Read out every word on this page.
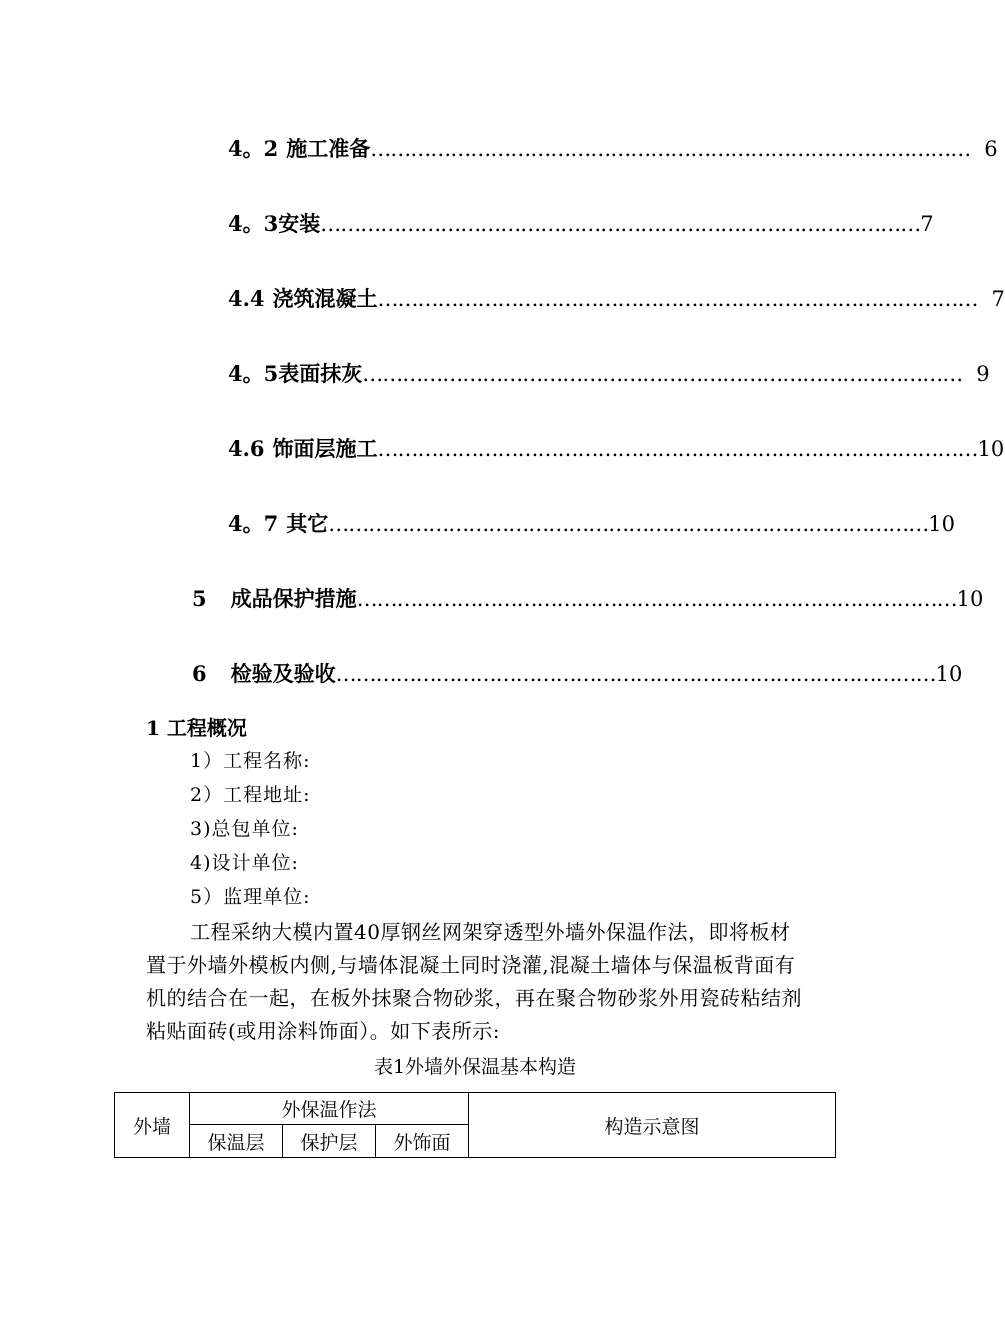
4。2 施工准备 ……………………………………………………………………………… 6
4。3 安装 ……………………………………………………………………………… 7
4.4 浇筑混凝土 ……………………………………………………………………………… 7
4。5 表面抹灰 ……………………………………………………………………………… 9
4.6 饰面层施工 ……………………………………………………………………………… 10
4。7 其它 ……………………………………………………………………………… 10
5 成品保护措施 ……………………………………………………………………………… 10
6 检验及验收 ……………………………………………………………………………… 10
1 工程概况
1）工程名称:
2）工程地址:
3)总包单位:
4)设计单位:
5）监理单位:
工程采纳大模内置40厚钢丝网架穿透型外墙外保温作法，即将板材置于外墙外模板内侧,与墙体混凝土同时浇灌,混凝土墙体与保温板背面有机的结合在一起，在板外抹聚合物砂浆，再在聚合物砂浆外用瓷砖粘结剂粘贴面砖(或用涂料饰面）。如下表所示:
表1外墙外保温基本构造
外墙	外保温作法			构造示意图
	保温层	保护层	外饰面	
